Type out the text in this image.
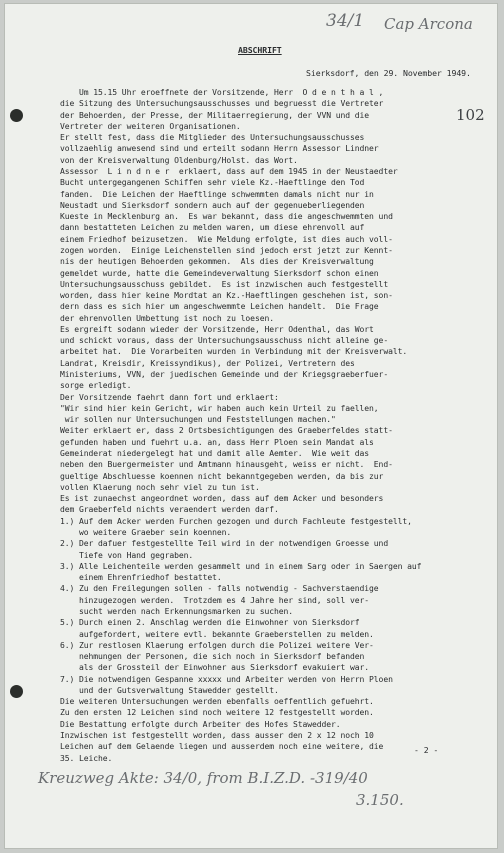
34/1 Cap Arcona
102
ABSCHRIFT
Sierksdorf, den 29. November 1949.
Um 15.15 Uhr eroeffnete der Vorsitzende, Herr  O d e n t h a l ,
die Sitzung des Untersuchungsausschusses und begruesst die Vertreter
der Behoerden, der Presse, der Militaerregierung, der VVN und die
Vertreter der weiteren Organisationen.
Er stellt fest, dass die Mitglieder des Untersuchungsausschusses
vollzaehlig anwesend sind und erteilt sodann Herrn Assessor Lindner
von der Kreisverwaltung Oldenburg/Holst. das Wort.
Assessor  L i n d n e r  erklaert, dass auf dem 1945 in der Neustaedter
Bucht untergegangenen Schiffen sehr viele Kz.-Haeftlinge den Tod
fanden.  Die Leichen der Haeftlinge schwemmten damals nicht nur in
Neustadt und Sierksdorf sondern auch auf der gegenueberliegenden
Kueste in Mecklenburg an.  Es war bekannt, dass die angeschwemmten und
dann bestatteten Leichen zu melden waren, um diese ehrenvoll auf
einem Friedhof beizusetzen.  Wie Meldung erfolgte, ist dies auch voll-
zogen worden.  Einige Leichenstellen sind jedoch erst jetzt zur Kennt-
nis der heutigen Behoerden gekommen.  Als dies der Kreisverwaltung
gemeldet wurde, hatte die Gemeindeverwaltung Sierksdorf schon einen
Untersuchungsausschuss gebildet.  Es ist inzwischen auch festgestellt
worden, dass hier keine Mordtat an Kz.-Haeftlingen geschehen ist, son-
dern dass es sich hier um angeschwemmte Leichen handelt.  Die Frage
der ehrenvollen Umbettung ist noch zu loesen.
Es ergreift sodann wieder der Vorsitzende, Herr Odenthal, das Wort
und schickt voraus, dass der Untersuchungsausschuss nicht alleine ge-
arbeitet hat.  Die Vorarbeiten wurden in Verbindung mit der Kreisverwalt.
Landrat, Kreisdir, Kreissyndikus), der Polizei, Vertretern des
Ministeriums, VVN, der juedischen Gemeinde und der Kriegsgraeberfuer-
sorge erledigt.
Der Vorsitzende faehrt dann fort und erklaert:
"Wir sind hier kein Gericht, wir haben auch kein Urteil zu faellen,
wir sollen nur Untersuchungen und Feststellungen machen."
Weiter erklaert er, dass 2 Ortsbesichtigungen des Graeberfeldes statt-
gefunden haben und fuehrt u.a. an, dass Herr Ploen sein Mandat als
Gemeinderat niedergelegt hat und damit alle Aemter.  Wie weit das
neben den Buergermeister und Amtmann hinausgeht, weiss er nicht.  End-
gueltige Abschluesse koennen nicht bekanntgegeben werden, da bis zur
vollen Klaerung noch sehr viel zu tun ist.
Es ist zunaechst angeordnet worden, dass auf dem Acker und besonders
dem Graeberfeld nichts veraendert werden darf.
1.) Auf dem Acker werden Furchen gezogen und durch Fachleute festgestellt,
wo weitere Graeber sein koennen.
2.) Der dafuer festgestellte Teil wird in der notwendigen Groesse und
Tiefe von Hand gegraben.
3.) Alle Leichenteile werden gesammelt und in einem Sarg oder in Saergen auf
einem Ehrenfriedhof bestattet.
4.) Zu den Freilegungen sollen - falls notwendig - Sachverstaendige
hinzugezogen werden.  Trotzdem es 4 Jahre her sind, soll ver-
sucht werden nach Erkennungsmarken zu suchen.
5.) Durch einen 2. Anschlag werden die Einwohner von Sierksdorf
aufgefordert, weitere evtl. bekannte Graeberstellen zu melden.
6.) Zur restlosen Klaerung erfolgen durch die Polizei weitere Ver-
nehmungen der Personen, die sich noch in Sierksdorf befanden
als der Grossteil der Einwohner aus Sierksdorf evakuiert war.
7.) Die notwendigen Gespanne xxxxx und Arbeiter werden von Herrn Ploen
und der Gutsverwaltung Stawedder gestellt.
Die weiteren Untersuchungen werden ebenfalls oeffentlich gefuehrt.
Zu den ersten 12 Leichen sind noch weitere 12 festgestellt worden.
Die Bestattung erfolgte durch Arbeiter des Hofes Stawedder.
Inzwischen ist festgestellt worden, dass ausser den 2 x 12 noch 10
Leichen auf dem Gelaende liegen und ausserdem noch eine weitere, die
35. Leiche.
- 2 -
Kreuzweg Akte: 34/0, from B.I.Z.D. -319/40
3.150.
